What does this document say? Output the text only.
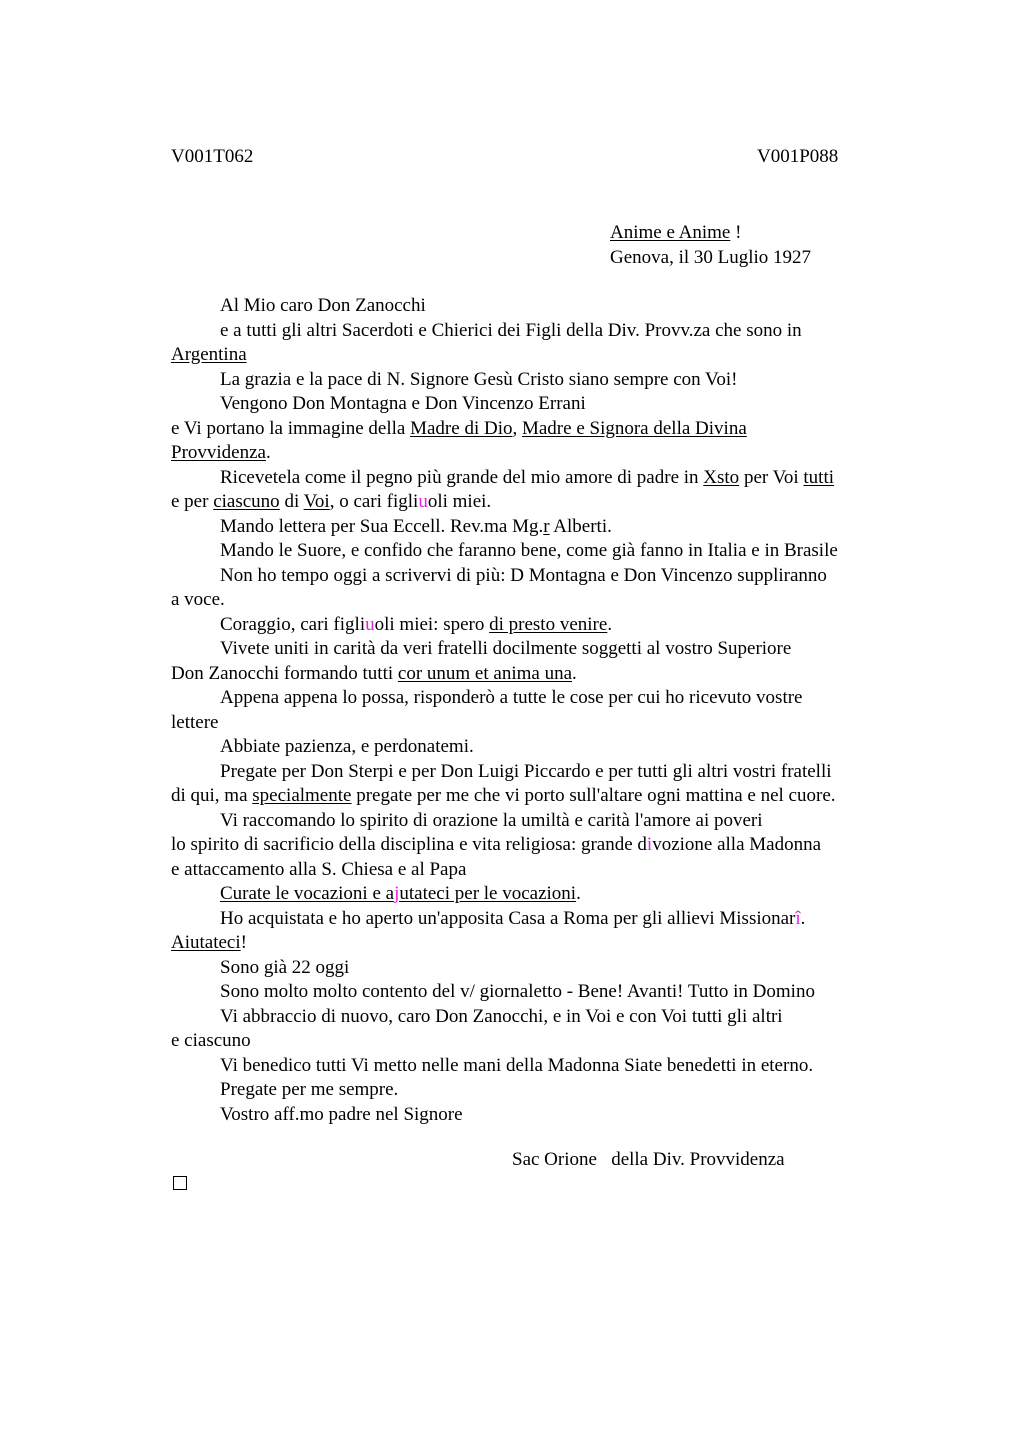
V001T062	V001P088
Anime e Anime !
Genova, il 30 Luglio 1927
Al Mio caro Don Zanocchi
e a tutti gli altri Sacerdoti e Chierici dei Figli della Div. Provv.za che sono in
Argentina
La grazia e la pace di N. Signore Gesù Cristo siano sempre con Voi!
Vengono Don Montagna e Don Vincenzo Errani
e Vi portano la immagine della Madre di Dio, Madre e Signora della Divina
Provvidenza.
Ricevetela come il pegno più grande del mio amore di padre in Xsto per Voi tutti
e per ciascuno di Voi, o cari figliuoli miei.
Mando lettera per Sua Eccell. Rev.ma Mg.r Alberti.
Mando le Suore, e confido che faranno bene, come già fanno in Italia e in Brasile
Non ho tempo oggi a scrivervi di più: D Montagna e Don Vincenzo suppliranno
a voce.
Coraggio, cari figliuoli miei: spero di presto venire.
Vivete uniti in carità da veri fratelli docilmente soggetti al vostro Superiore
Don Zanocchi formando tutti cor unum et anima una.
Appena appena lo possa, risponderò a tutte le cose per cui ho ricevuto vostre
lettere
Abbiate pazienza, e perdonatemi.
Pregate per Don Sterpi e per Don Luigi Piccardo e per tutti gli altri vostri fratelli
di qui, ma specialmente pregate per me che vi porto sull'altare ogni mattina e nel cuore.
Vi raccomando lo spirito di orazione la umiltà e carità l'amore ai poveri
lo spirito di sacrificio della disciplina e vita religiosa: grande divozione alla Madonna
e attaccamento alla S. Chiesa e al Papa
Curate le vocazioni e ajutateci per le vocazioni.
Ho acquistata e ho aperto un'apposita Casa a Roma per gli allievi Missionarî.
Aiutateci!
Sono già 22 oggi
Sono molto molto contento del v/ giornaletto - Bene! Avanti! Tutto in Domino
Vi abbraccio di nuovo, caro Don Zanocchi, e in Voi e con Voi tutti gli altri
e ciascuno
Vi benedico tutti Vi metto nelle mani della Madonna Siate benedetti in eterno.
Pregate per me sempre.
Vostro aff.mo padre nel Signore
Sac Orione   della Div. Provvidenza
